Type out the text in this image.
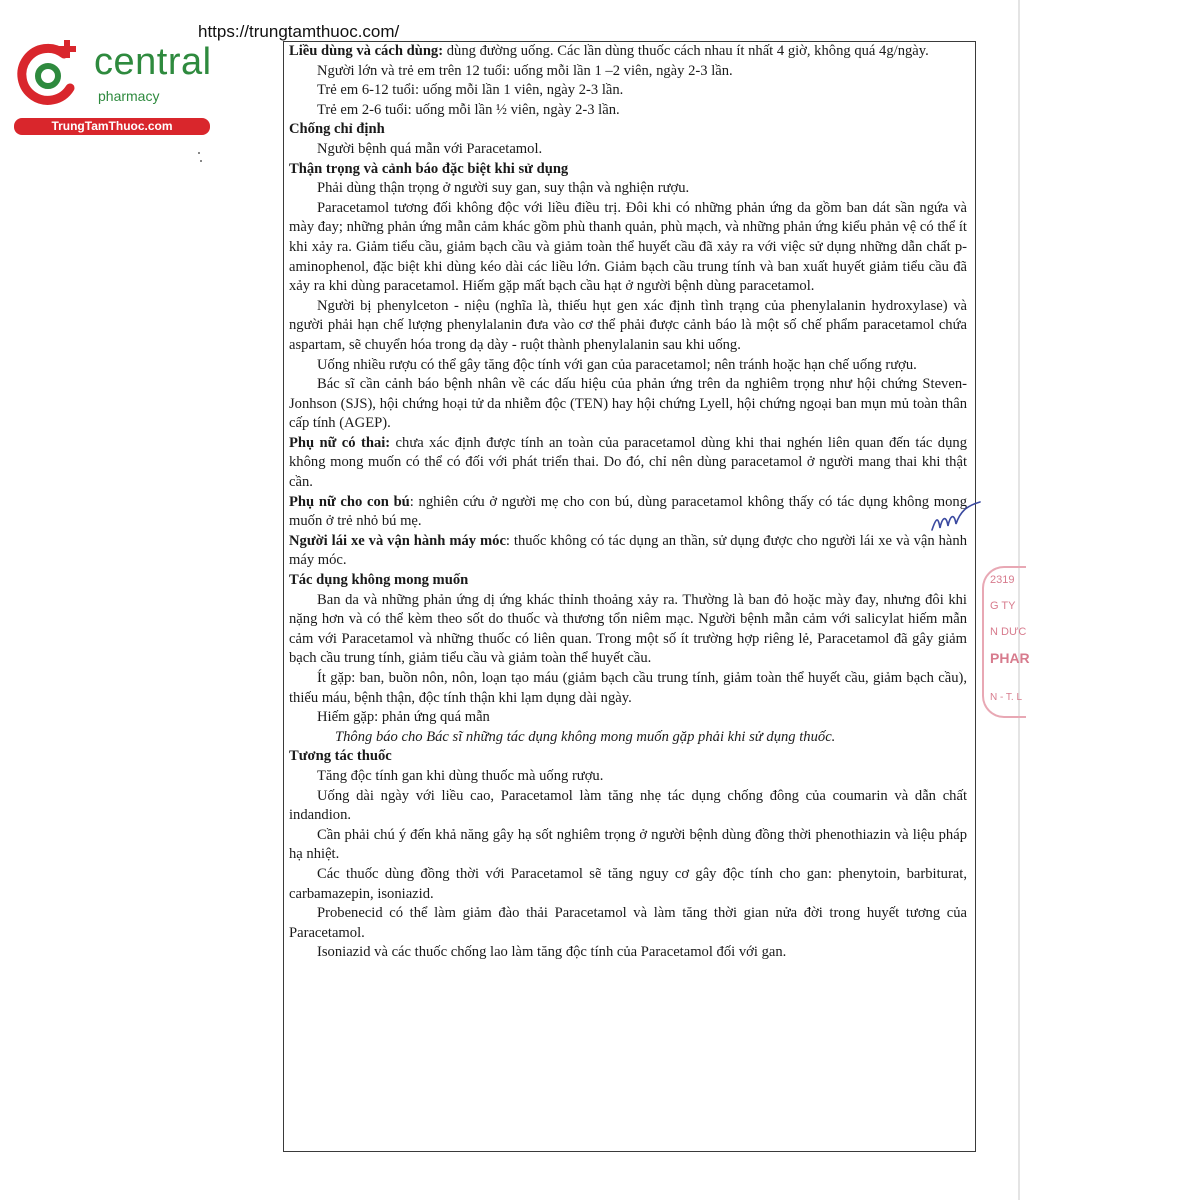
https://trungtamthuoc.com/
central
pharmacy
TrungTamThuoc.com

Liều dùng và cách dùng: dùng đường uống. Các lần dùng thuốc cách nhau ít nhất 4 giờ, không quá 4g/ngày.

Người lớn và trẻ em trên 12 tuổi: uống mỗi lần 1 –2 viên, ngày 2-3 lần.

Trẻ em 6-12 tuổi: uống mỗi lần 1 viên, ngày 2-3 lần.

Trẻ em 2-6 tuổi: uống mỗi lần ½ viên, ngày 2-3 lần.

Chống chỉ định

Người bệnh quá mẫn với Paracetamol.

Thận trọng và cảnh báo đặc biệt khi sử dụng

Phải dùng thận trọng ở người suy gan, suy thận và nghiện rượu.

Paracetamol tương đối không độc với liều điều trị. Đôi khi có những phản ứng da gồm ban dát sần ngứa và mày đay; những phản ứng mẫn cảm khác gồm phù thanh quản, phù mạch, và những phản ứng kiểu phản vệ có thể ít khi xảy ra. Giảm tiểu cầu, giảm bạch cầu và giảm toàn thể huyết cầu đã xảy ra với việc sử dụng những dẫn chất p-aminophenol, đặc biệt khi dùng kéo dài các liều lớn. Giảm bạch cầu trung tính và ban xuất huyết giảm tiểu cầu đã xảy ra khi dùng paracetamol. Hiếm gặp mất bạch cầu hạt ở người bệnh dùng paracetamol.

Người bị phenylceton - niệu (nghĩa là, thiếu hụt gen xác định tình trạng của phenylalanin hydroxylase) và người phải hạn chế lượng phenylalanin đưa vào cơ thể phải được cảnh báo là một số chế phẩm paracetamol chứa aspartam, sẽ chuyển hóa trong dạ dày - ruột thành phenylalanin sau khi uống.

Uống nhiều rượu có thể gây tăng độc tính với gan của paracetamol; nên tránh hoặc hạn chế uống rượu.

Bác sĩ cần cảnh báo bệnh nhân về các dấu hiệu của phản ứng trên da nghiêm trọng như hội chứng Steven-Jonhson (SJS), hội chứng hoại tử da nhiễm độc (TEN) hay hội chứng Lyell, hội chứng ngoại ban mụn mủ toàn thân cấp tính (AGEP).

Phụ nữ có thai: chưa xác định được tính an toàn của paracetamol dùng khi thai nghén liên quan đến tác dụng không mong muốn có thể có đối với phát triển thai. Do đó, chỉ nên dùng paracetamol ở người mang thai khi thật cần.

Phụ nữ cho con bú: nghiên cứu ở người mẹ cho con bú, dùng paracetamol không thấy có tác dụng không mong muốn ở trẻ nhỏ bú mẹ.

Người lái xe và vận hành máy móc: thuốc không có tác dụng an thần, sử dụng được cho người lái xe và vận hành máy móc.

Tác dụng không mong muốn

Ban da và những phản ứng dị ứng khác thỉnh thoảng xảy ra. Thường là ban đỏ hoặc mày đay, nhưng đôi khi nặng hơn và có thể kèm theo sốt do thuốc và thương tổn niêm mạc. Người bệnh mẫn cảm với salicylat hiếm mẫn cảm với Paracetamol và những thuốc có liên quan. Trong một số ít trường hợp riêng lẻ, Paracetamol đã gây giảm bạch cầu trung tính, giảm tiểu cầu và giảm toàn thể huyết cầu.

Ít gặp: ban, buồn nôn, nôn, loạn tạo máu (giảm bạch cầu trung tính, giảm toàn thể huyết cầu, giảm bạch cầu), thiếu máu, bệnh thận, độc tính thận khi lạm dụng dài ngày.

Hiếm gặp: phản ứng quá mẫn

Thông báo cho Bác sĩ những tác dụng không mong muốn gặp phải khi sử dụng thuốc.

Tương tác thuốc

Tăng độc tính gan khi dùng thuốc mà uống rượu.

Uống dài ngày với liều cao, Paracetamol làm tăng nhẹ tác dụng chống đông của coumarin và dẫn chất indandion.

Cần phải chú ý đến khả năng gây hạ sốt nghiêm trọng ở người bệnh dùng đồng thời phenothiazin và liệu pháp hạ nhiệt.

Các thuốc dùng đồng thời với Paracetamol sẽ tăng nguy cơ gây độc tính cho gan: phenytoin, barbiturat, carbamazepin, isoniazid.

Probenecid có thể làm giảm đào thải Paracetamol và làm tăng thời gian nửa đời trong huyết tương của Paracetamol.

Isoniazid và các thuốc chống lao làm tăng độc tính của Paracetamol đối với gan.

2319
G TY
N DƯC
PHAR
N - T. L
